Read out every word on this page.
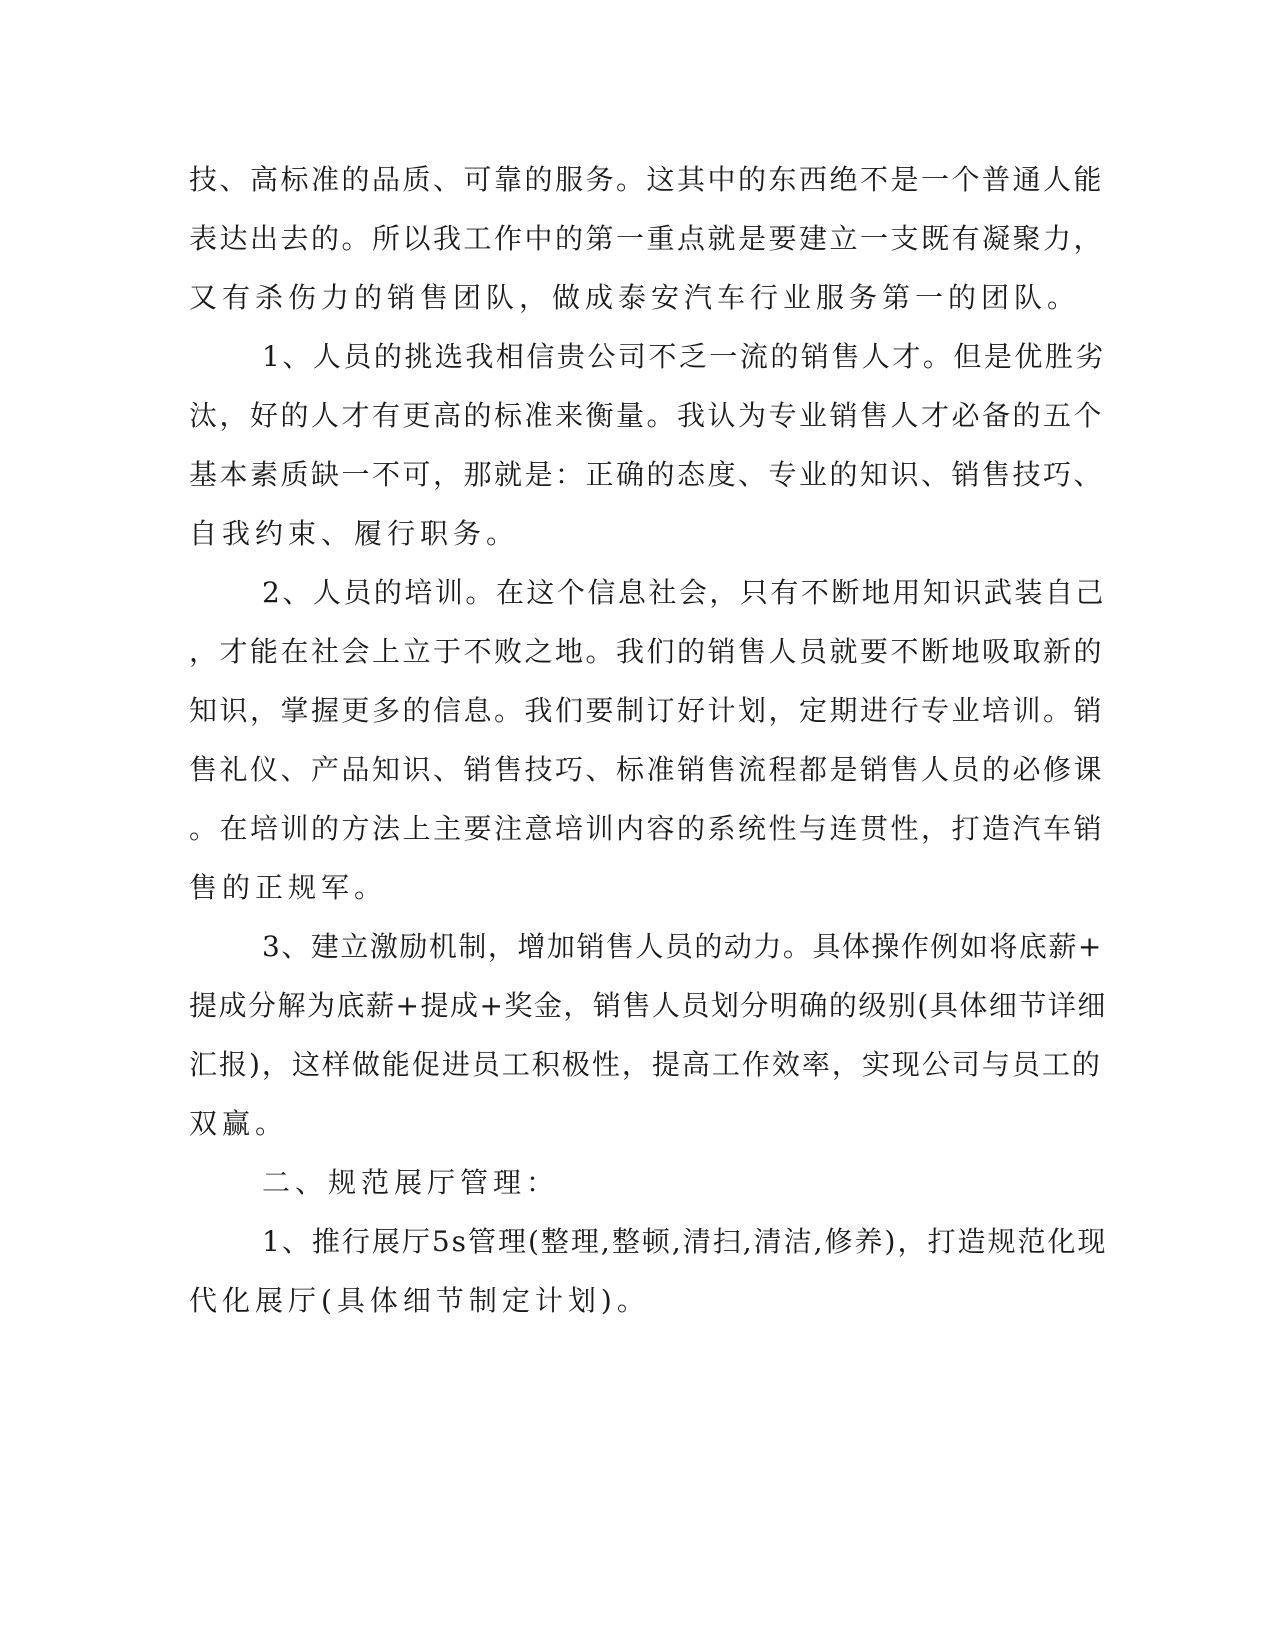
技、高标准的品质、可靠的服务。这其中的东西绝不是一个普通人能

表达出去的。所以我工作中的第一重点就是要建立一支既有凝聚力，

又有杀伤力的销售团队，做成泰安汽车行业服务第一的团队。

1、人员的挑选我相信贵公司不乏一流的销售人才。但是优胜劣

汰，好的人才有更高的标准来衡量。我认为专业销售人才必备的五个

基本素质缺一不可，那就是：正确的态度、专业的知识、销售技巧、

自我约束、履行职务。

2、人员的培训。在这个信息社会，只有不断地用知识武装自己

，才能在社会上立于不败之地。我们的销售人员就要不断地吸取新的

知识，掌握更多的信息。我们要制订好计划，定期进行专业培训。销

售礼仪、产品知识、销售技巧、标准销售流程都是销售人员的必修课

。在培训的方法上主要注意培训内容的系统性与连贯性，打造汽车销

售的正规军。

3、建立激励机制，增加销售人员的动力。具体操作例如将底薪+

提成分解为底薪+提成+奖金，销售人员划分明确的级别(具体细节详细

汇报)，这样做能促进员工积极性，提高工作效率，实现公司与员工的

双赢。

二、规范展厅管理：

1、推行展厅5s管理(整理,整顿,清扫,清洁,修养)，打造规范化现

代化展厅(具体细节制定计划)。
